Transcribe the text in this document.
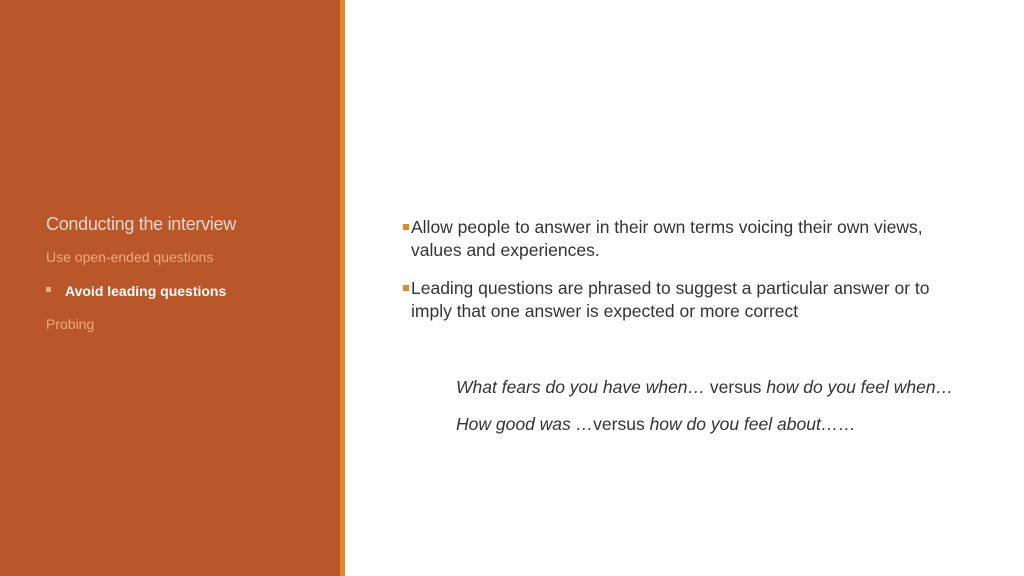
Conducting the interview
Use open-ended questions
Avoid leading questions
Probing
Allow people to answer in their own terms voicing their own views, values and experiences.
Leading questions are phrased to suggest a particular answer or to imply that one answer is expected or more correct

What fears do you have when… versus how do you feel when…

How good was …versus how do you feel about……
